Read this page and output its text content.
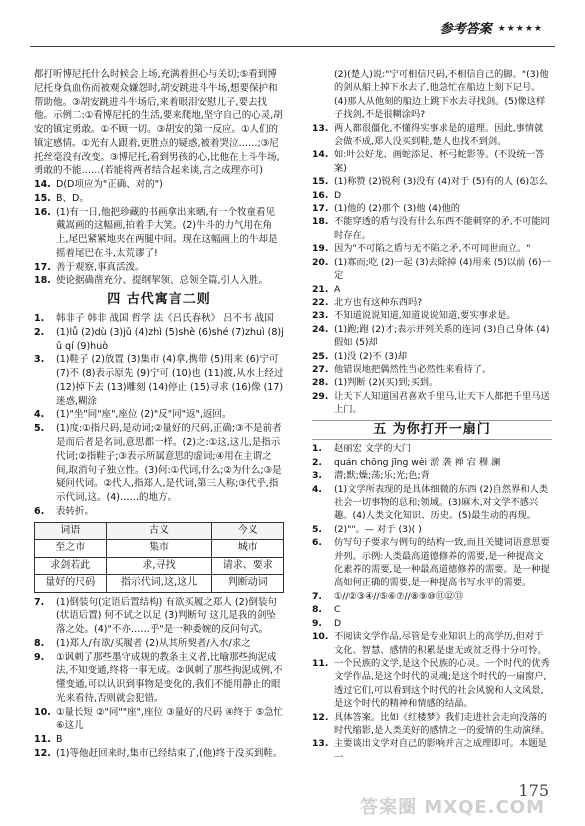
参考答案 ★★★★★
都打听博尼托什么时候会上场,充满着担心与关切;⑤看到博尼托身負血伤而被观众嫌怨时,胡安跳进斗牛场,想要保护和帮助他。③胡安跳进斗牛场后,来着眼泪安慰儿子,要去找他。示例二:①看博尼托的生活,要来爬地,坚守自己的心灵,胡安的镇定勇敢。①不顾一切。③胡安的第一反应。①人们的镇定感情。①光有人跟着,更胜点的疑惑,被着哭泣……;③尼托丝毫没有改变。③博尼托,看到男孩的心,比他在上斗牛场,勇敢的不能……(若能将两者结合起来谈,言之成理亦可)
14. D(D项应为"正确、对的")
15. B、D。
16. (1)有一日,他把珍藏的书画拿出来晒,有一个牧童看见戴嵩画的这幅画,拍着手大笑。(2)牛斗的力气用在角上,尾巴紧紧地夹在两腿中间。现在这幅画上的牛却是摇着尾巴在斗,太荒谬了!
17. 善于观察,事真活泼。
18. 使论据确凿充分、提纲挈领、总领全篇,引人入胜。
四 古代寓言二则
1.	韩非子 韩非 战国 哲学 法《吕氏春秋》 吕不韦 战国
2.	(1)lǚ (2)dù (3)jǔ (4)zhì (5)shè (6)shé (7)zhuì (8)jū qí (9)huò
3.	(1)鞋子 (2)放置 (3)集市 (4)拿,携带 (5)用来 (6)宁可 (7)不 (8)表示原先 (9)宁可 (10)也 (11)渡,从水上经过 (12)掉下去 (13)雕刻 (14)停止 (15)寻求 (16)像 (17)迷惑,糊涂
4.	(1)"坐"同"座",座位 (2)"反"同"返",返回。
5.	(1)度:①指尺码,是动词;②量好的尺码,正确;③不是前者是而后者是名词,意思都一样。(2)之:①这,这儿,是指示代词;②指鞋子;③表示所属意思的虚词;④用在主谓之间,取消句子独立性。(3)何:①代词,什么;②为什么;③是疑问代词。②代人,指郑人,是代词,第三人称;③代乎,指示代词,这。(4)……的地方。
6.	表转折。
词语	古义	今义
至之市	集市	城市
求剑若此	求,寻找	请求、要求
量好的尺码	指示代词,这,这儿	判断动词
7.	(1)倒装句(定语后置结构) 有欲买履之郑人 (2)倒装句(状语后置) 何不试之以足 (3)判断句 这儿是我的剑坠落之处。(4)"不亦……乎"是一种委婉的反问句式。
8.	(1)郑人/有欲/买履者 (2)从其所契者/入水/求之
9.	①讽刺了那些墨守成规的教条主义者,比喻那些拘泥成法,不知变通,终将一事无成。②讽刺了那些拘泥成例,不懂变通,可以认识到事物是变化的,我们不能用静止的眼光来看待,否则就会犯错。
10. ①量长短 ②"同""座",座位 ③量好的尺码 ④终于 ⑤急忙 ⑥这儿
11. B
12. (1)等他赶回来时,集市已经结束了,(他)终于没买到鞋。
(2)(楚人)说:"宁可相信尺码,不相信自己的脚。"(3)他的剑从船上掉下水去了,他急忙在船边上刻下记号。(4)那人从他刻的船边上跳下水去寻找剑。(5)像这样子找剑,不是很糊涂吗?
13. 两人都很僵化,不懂得实事求是的道理。因此,事情就会做不成,郑人没买到鞋,楚人也找不到剑。
14. 如:叶公好龙、画蛇添足、杯弓蛇影等。(不设统一答案)
15. (1)称赞 (2)锐利 (3)没有 (4)对于 (5)有的人 (6)怎么
16. D
17. (1)他的 (2)那个 (3)他 (4)他的
18. 不能穿透的盾与没有什么东西不能刺穿的矛,不可能同时存在。
19. 因为"不可陷之盾与无不陷之矛,不可同世而立。"
20. (1)寡而;吃 (2)一起 (3)去除掉 (4)用来 (5)以前 (6)一定
21. A
22. 北方也有这种东西吗?
23. 不知道说说知道,知道说说知道,要实事求是。
24. (1)跑;跑 (2)才;表示并列关系的连词 (3)自己身体 (4)假如 (5)却
25. (1)没 (2)不 (3)却
27. 他错误地把偶然性当必然性来看待了。
28. (1)判断 (2)(买)到;买到。
29. 让天下人知道国君喜欢千里马,让天下人都把千里马送上门。
五 为你打开一扇门
1.	赵丽宏 文学的大门
2.	quán chōng jǐng wèi 淤 袭 禅 宕 穆 澜
3.	潜;默;燥;荡;乐;光;色;背
4.	(1)文学所表现的是具体细微的东西 (2)自然界和人类社会一切事物的总和;领域。(3)麻木,对文学不感兴趣。(4)人类文化知识、历史。(5)最生动的再现。
5.	(2)""。— 对于 (3)( )
6.	仿写句子要求与例句的结构一致,而且关键词语意思要并列。示例:人类最高道德修养的需要,是一种提高文化素养的需要,是一种最高道德修养的需要。是一种提高如何正确的需要,是一种提高书写水平的需要。
7.	①//②③④//⑤⑥⑦//⑧⑨⑩⑪⑫⑬
8.	C
9.	D
10. 不阅读文学作品,尽管是专业知识上的高学历,但对于文化、智慧、感情的积累是虚无或贫乏得十分可怜。
11. 一个民族的文学,是这个民族的心灵。一个时代的优秀文学作品,是这个时代的灵魂;是这个时代的一扇窗户,透过它们,可以看到这个时代的社会风貌和人文风景,是这个时代的精神和情感的结晶。
12. 具体答案。比如《红楼梦》我们走进社会走向没落的时代缩影,是人类美好的感情之一的爱情的生动演绎。
13. 主要谈出文学对自己的影响并言之成理即可。本题是一
175
答案圈 MXQE.COM
